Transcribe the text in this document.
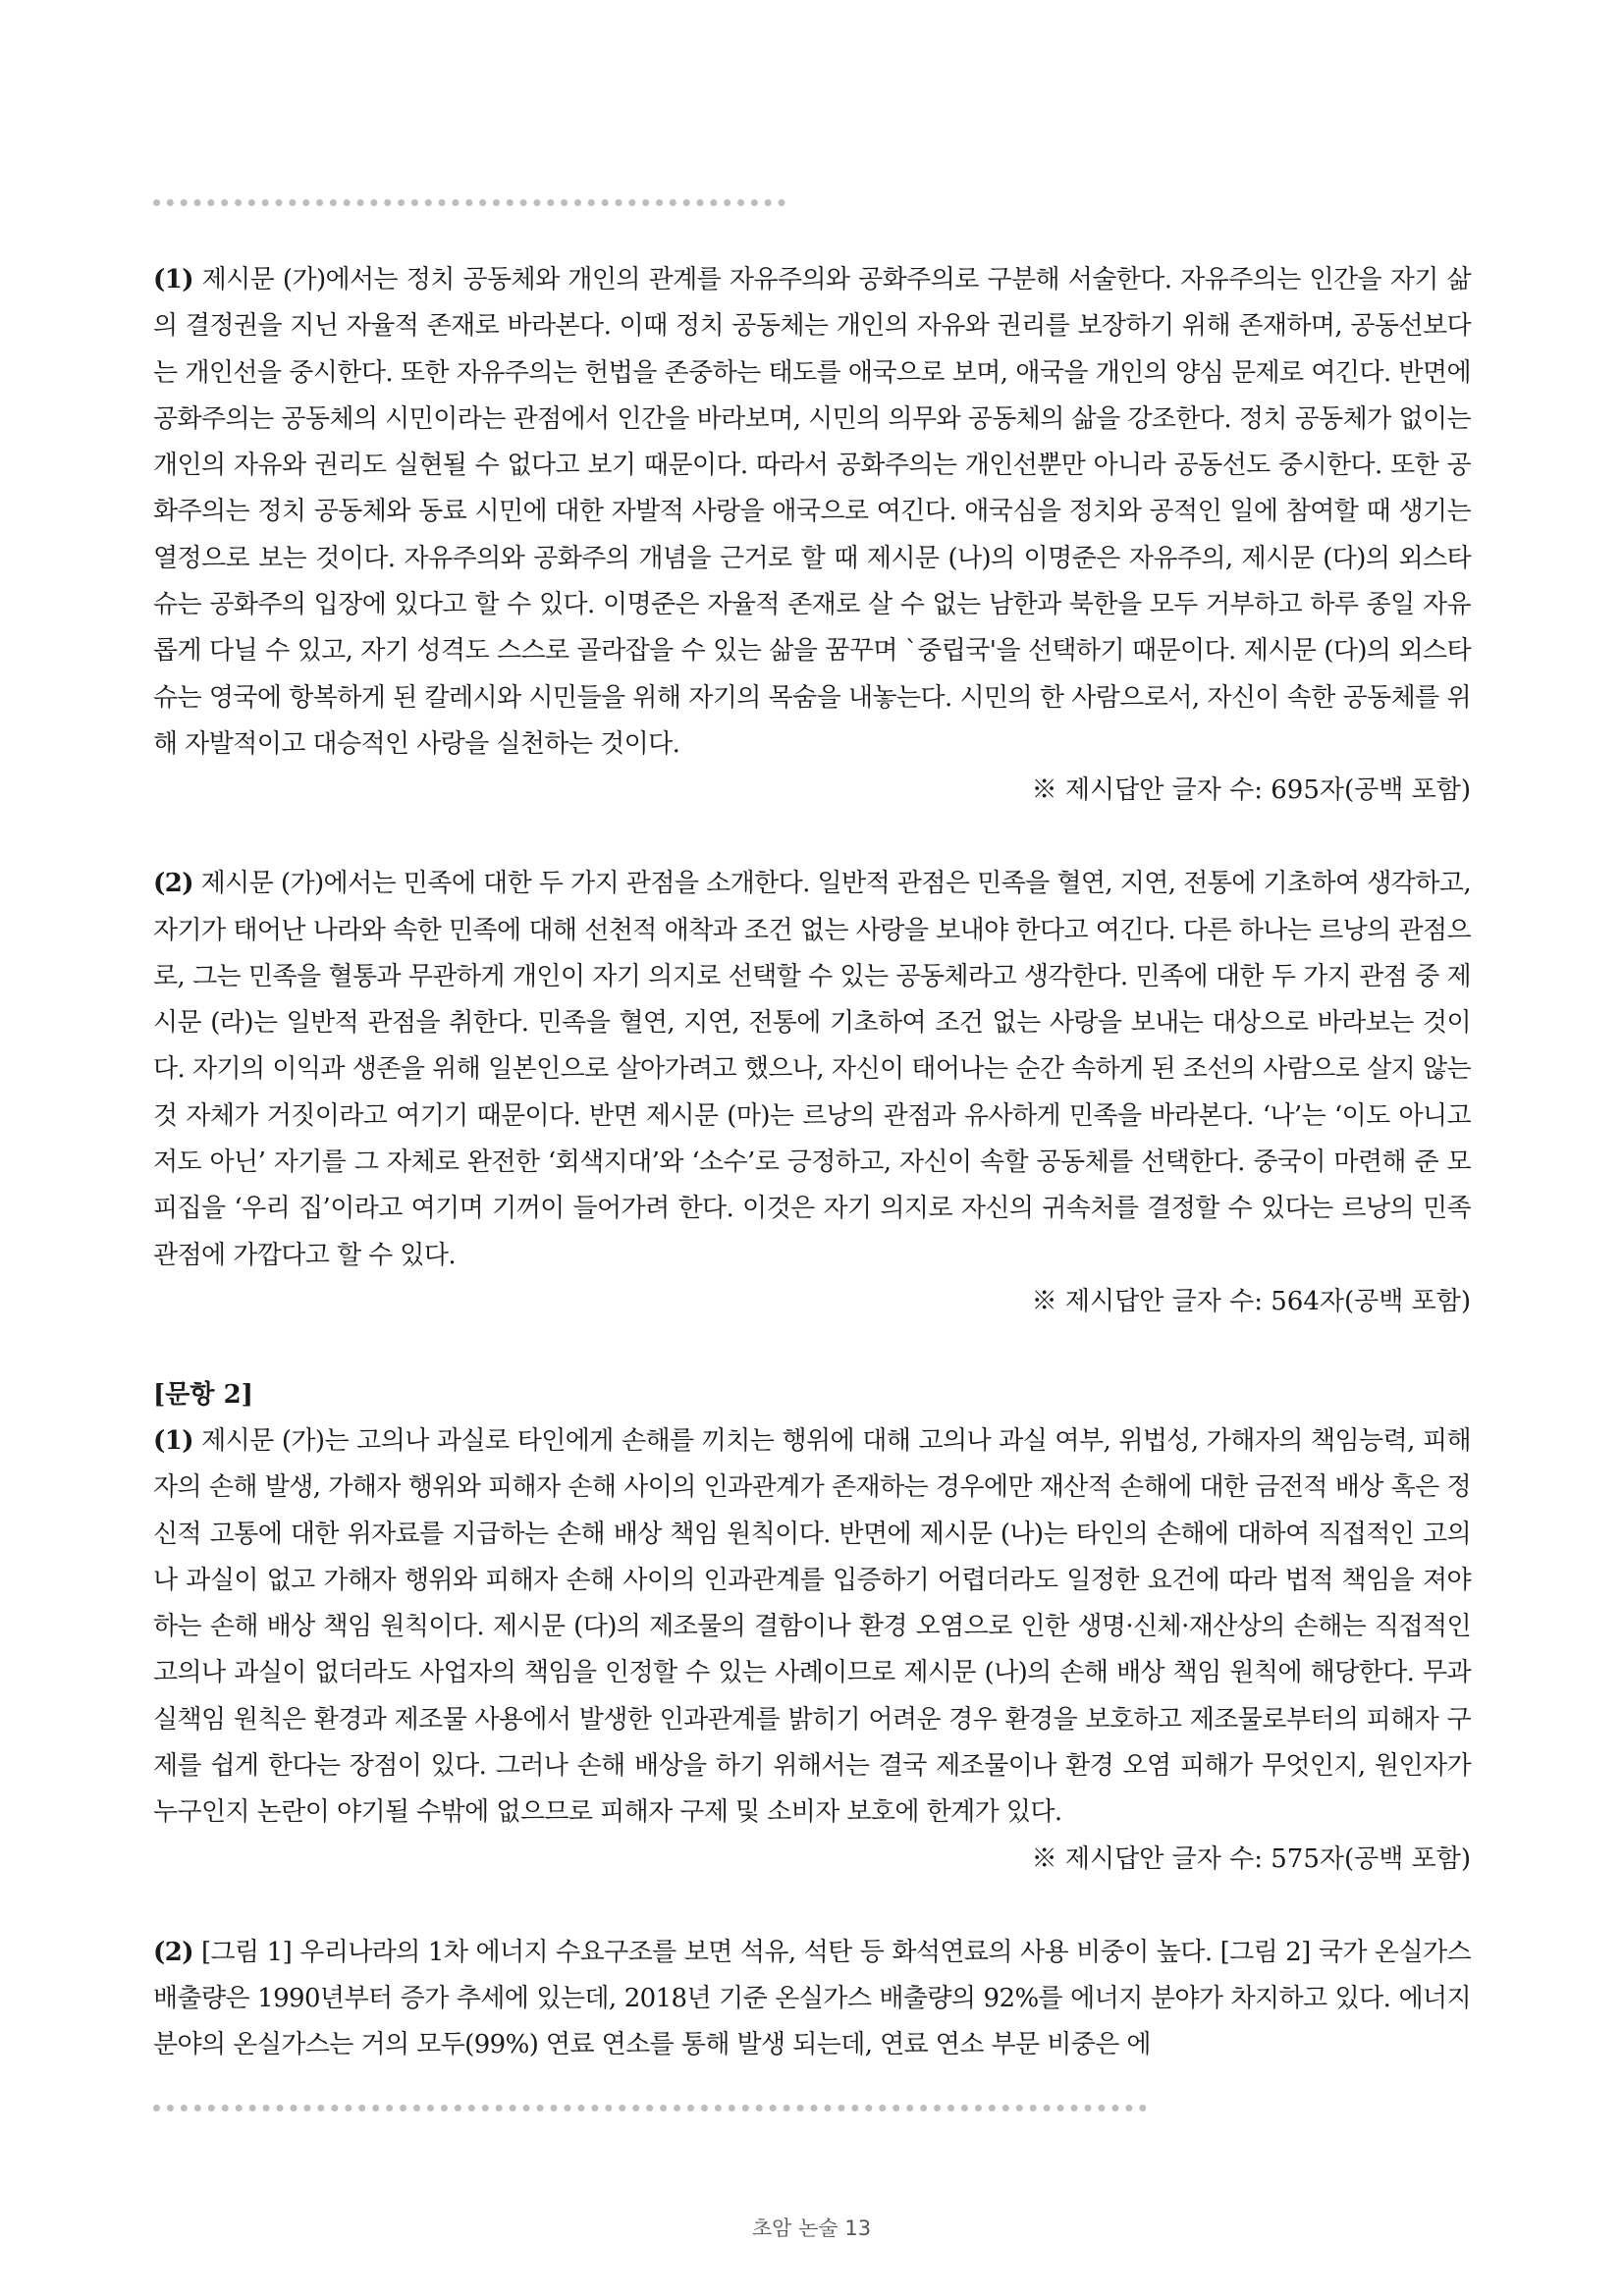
(1) 제시문 (가)에서는 정치 공동체와 개인의 관계를 자유주의와 공화주의로 구분해 서술한다. 자유주의는 인간을 자기 삶의 결정권을 지닌 자율적 존재로 바라본다. 이때 정치 공동체는 개인의 자유와 권리를 보장하기 위해 존재하며, 공동선보다는 개인선을 중시한다. 또한 자유주의는 헌법을 존중하는 태도를 애국으로 보며, 애국을 개인의 양심 문제로 여긴다. 반면에 공화주의는 공동체의 시민이라는 관점에서 인간을 바라보며, 시민의 의무와 공동체의 삶을 강조한다. 정치 공동체가 없이는 개인의 자유와 권리도 실현될 수 없다고 보기 때문이다. 따라서 공화주의는 개인선뿐만 아니라 공동선도 중시한다. 또한 공화주의는 정치 공동체와 동료 시민에 대한 자발적 사랑을 애국으로 여긴다. 애국심을 정치와 공적인 일에 참여할 때 생기는 열정으로 보는 것이다. 자유주의와 공화주의 개념을 근거로 할 때 제시문 (나)의 이명준은 자유주의, 제시문 (다)의 외스타슈는 공화주의 입장에 있다고 할 수 있다. 이명준은 자율적 존재로 살 수 없는 남한과 북한을 모두 거부하고 하루 종일 자유롭게 다닐 수 있고, 자기 성격도 스스로 골라잡을 수 있는 삶을 꿈꾸며 `중립국'을 선택하기 때문이다. 제시문 (다)의 외스타슈는 영국에 항복하게 된 칼레시와 시민들을 위해 자기의 목숨을 내놓는다. 시민의 한 사람으로서, 자신이 속한 공동체를 위해 자발적이고 대승적인 사랑을 실천하는 것이다.

※ 제시답안 글자 수: 695자(공백 포함)

(2) 제시문 (가)에서는 민족에 대한 두 가지 관점을 소개한다. 일반적 관점은 민족을 혈연, 지연, 전통에 기초하여 생각하고, 자기가 태어난 나라와 속한 민족에 대해 선천적 애착과 조건 없는 사랑을 보내야 한다고 여긴다. 다른 하나는 르낭의 관점으로, 그는 민족을 혈통과 무관하게 개인이 자기 의지로 선택할 수 있는 공동체라고 생각한다. 민족에 대한 두 가지 관점 중 제시문 (라)는 일반적 관점을 취한다. 민족을 혈연, 지연, 전통에 기초하여 조건 없는 사랑을 보내는 대상으로 바라보는 것이다. 자기의 이익과 생존을 위해 일본인으로 살아가려고 했으나, 자신이 태어나는 순간 속하게 된 조선의 사람으로 살지 않는 것 자체가 거짓이라고 여기기 때문이다. 반면 제시문 (마)는 르낭의 관점과 유사하게 민족을 바라본다. ‘나’는 ‘이도 아니고 저도 아닌’ 자기를 그 자체로 완전한 ‘회색지대’와 ‘소수’로 긍정하고, 자신이 속할 공동체를 선택한다. 중국이 마련해 준 모피집을 ‘우리 집’이라고 여기며 기꺼이 들어가려 한다. 이것은 자기 의지로 자신의 귀속처를 결정할 수 있다는 르낭의 민족 관점에 가깝다고 할 수 있다.

※ 제시답안 글자 수: 564자(공백 포함)

[문항 2]

(1) 제시문 (가)는 고의나 과실로 타인에게 손해를 끼치는 행위에 대해 고의나 과실 여부, 위법성, 가해자의 책임능력, 피해자의 손해 발생, 가해자 행위와 피해자 손해 사이의 인과관계가 존재하는 경우에만 재산적 손해에 대한 금전적 배상 혹은 정신적 고통에 대한 위자료를 지급하는 손해 배상 책임 원칙이다. 반면에 제시문 (나)는 타인의 손해에 대하여 직접적인 고의나 과실이 없고 가해자 행위와 피해자 손해 사이의 인과관계를 입증하기 어렵더라도 일정한 요건에 따라 법적 책임을 져야 하는 손해 배상 책임 원칙이다. 제시문 (다)의 제조물의 결함이나 환경 오염으로 인한 생명·신체·재산상의 손해는 직접적인 고의나 과실이 없더라도 사업자의 책임을 인정할 수 있는 사례이므로 제시문 (나)의 손해 배상 책임 원칙에 해당한다. 무과실책임 원칙은 환경과 제조물 사용에서 발생한 인과관계를 밝히기 어려운 경우 환경을 보호하고 제조물로부터의 피해자 구제를 쉽게 한다는 장점이 있다. 그러나 손해 배상을 하기 위해서는 결국 제조물이나 환경 오염 피해가 무엇인지, 원인자가 누구인지 논란이 야기될 수밖에 없으므로 피해자 구제 및 소비자 보호에 한계가 있다.

※ 제시답안 글자 수: 575자(공백 포함)

(2) [그림 1] 우리나라의 1차 에너지 수요구조를 보면 석유, 석탄 등 화석연료의 사용 비중이 높다. [그림 2] 국가 온실가스 배출량은 1990년부터 증가 추세에 있는데, 2018년 기준 온실가스 배출량의 92%를 에너지 분야가 차지하고 있다. 에너지 분야의 온실가스는 거의 모두(99%) 연료 연소를 통해 발생 되는데, 연료 연소 부문 비중은 에

초암 논술 13
